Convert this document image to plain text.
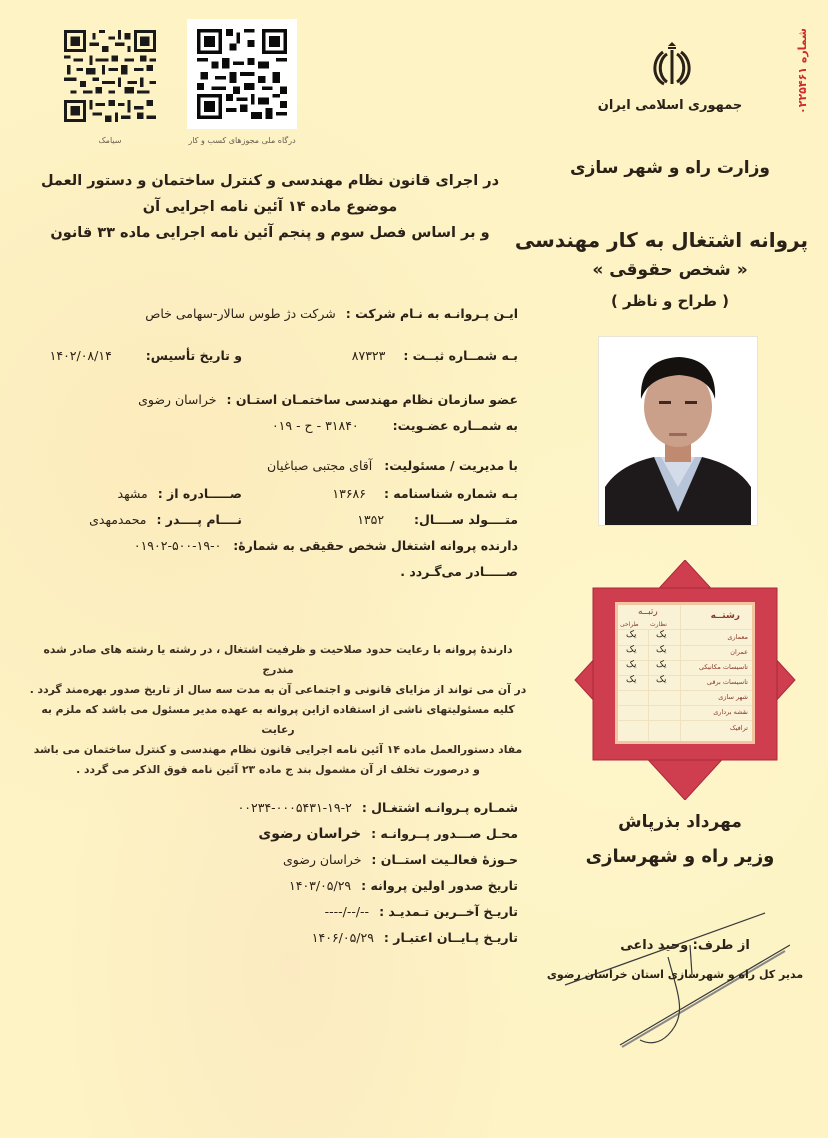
سیامک	درگاه ملی مجوزهای کسب و کار
شماره ۰۲۲۵۴۶۱
جمهوری اسلامی ایران
وزارت راه و شهر سازی
پروانه اشتغال به کار مهندسی
« شخص حقوقی »
( طراح و ناظر )
در اجرای قانون نظام مهندسی و کنترل ساختمان و دستور العمل
موضوع ماده ۱۴ آئین نامه اجرایی آن
و بر اساس فصل سوم و پنجم آئین نامه اجرایی ماده ۳۳ قانون
ایـن پـروانـه به نـام شرکت : شرکت دژ طوس سالار-سهامی خاص
بـه شمــاره ثبــت : ۸۷۳۲۳
و تاریخ تأسیس: ۱۴۰۲/۰۸/۱۴
عضو سازمان نظام مهندسی ساختمـان استـان : خراسان رضوی
به شمــاره عضـویت: ۳۱۸۴۰ - ح - ۰۱۹
با مدیریت / مسئولیت: آقای مجتبی صباغیان
بـه شماره شناسنامه : ۱۳۶۸۶
صـــــادره از : مشهد
متــــولد ســــال: ۱۳۵۲
نــــام پــــدر : محمدمهدی
دارنده پروانه اشتغال شخص حقیقی به شمارهٔ: ۰-۱۹-۵۰۰-۰۱۹۰۲
صـــــادر می‌گـردد .
دارندهٔ پروانه با رعایت حدود صلاحیت و ظرفیت اشتغال ، در رشته یا رشته های صادر شده مندرج
در آن می تواند از مزایای قانونی و اجتماعی آن به مدت سه سال از تاریخ صدور بهره‌مند گردد .
کلیه مسئولیتهای ناشی از استفاده ازاین پروانه به عهده مدیر مسئول می باشد که ملزم به رعایت
مفاد دستورالعمل ماده ۱۴ آئین نامه اجرایی قانون نظام مهندسی و کنترل ساختمان می باشد
و درصورت تخلف از آن مشمول بند ج ماده ۲۳ آئین نامه فوق الذکر می گردد .
شمـاره پـروانـه اشتغـال : ۰۰۲۳۴-۰۰۰۵۴۳۱-۱۹-۲
محـل صـــدور پــروانـه : خراسان رضوی
حـوزهٔ فعالـیت استــان : خراسان رضوی
تاریخ صدور اولین پروانه : ۱۴۰۳/۰۵/۲۹
تاریـخ آخــرین تـمدیـد : --/--/----
تاریـخ پـایــان اعتبـار : ۱۴۰۶/۰۵/۲۹
رشتــه
رتبــه
طراحی نظارت
معماری
یک
یک
عمران
یک
یک
تاسیسات مکانیکی
یک
یک
تاسیسات برقی
یک
یک
شهر سازی
نقشه برداری
ترافیک
مهرداد بذرپاش
وزیر راه و شهرسازی
از طرف: وحید داعی
مدیر کل راه و شهرسازی استان خراسان رضوی
